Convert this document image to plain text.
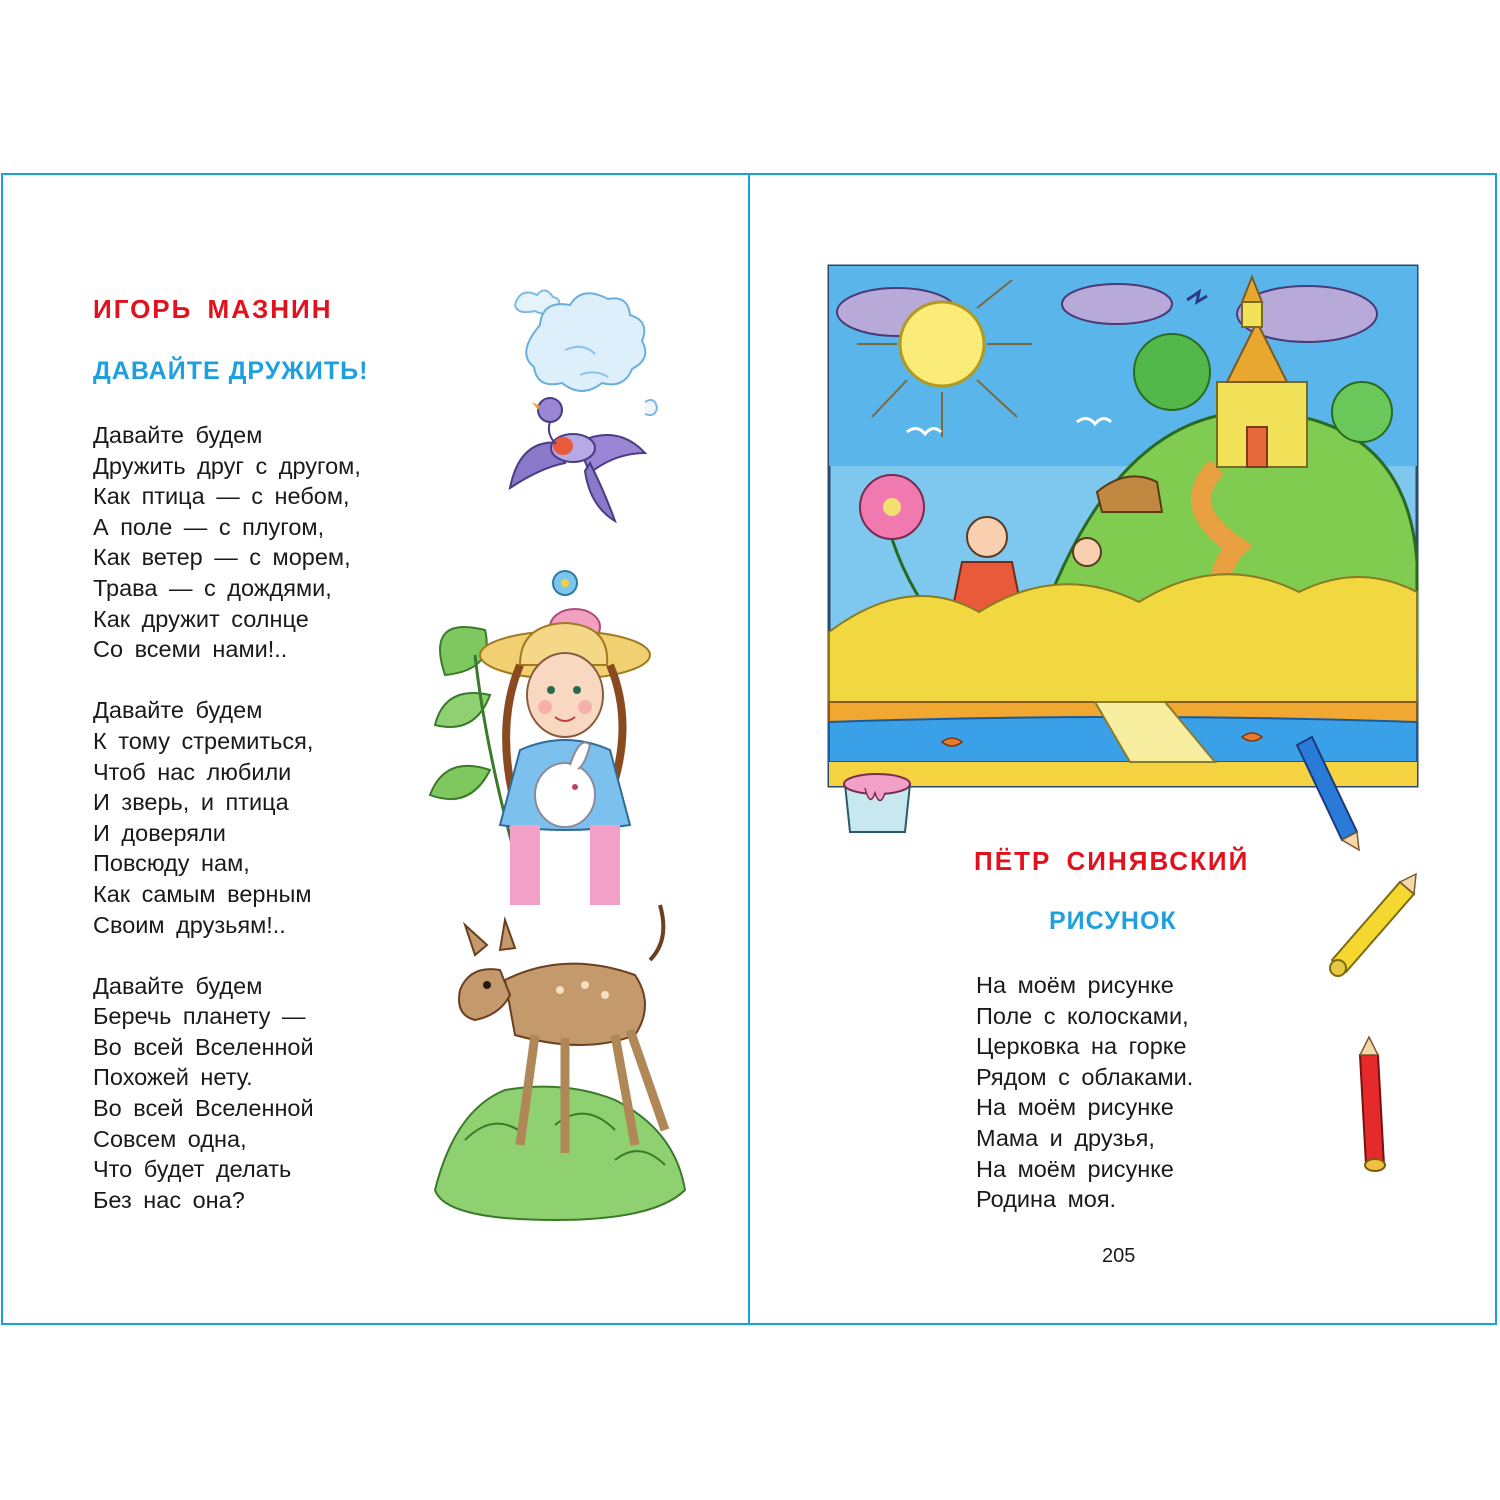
ИГОРЬ МАЗНИН
ДАВАЙТЕ ДРУЖИТЬ!
Давайте будем
Дружить друг с другом,
Как птица — с небом,
А поле — с плугом,
Как ветер — с морем,
Трава — с дождями,
Как дружит солнце
Со всеми нами!..
Давайте будем
К тому стремиться,
Чтоб нас любили
И зверь, и птица
И доверяли
Повсюду нам,
Как самым верным
Своим друзьям!..
Давайте будем
Беречь планету —
Во всей Вселенной
Похожей нету.
Во всей Вселенной
Совсем одна,
Что будет делать
Без нас она?
ПЁТР СИНЯВСКИЙ
РИСУНОК
На моём рисунке
Поле с колосками,
Церковка на горке
Рядом с облаками.
На моём рисунке
Мама и друзья,
На моём рисунке
Родина моя.

205
